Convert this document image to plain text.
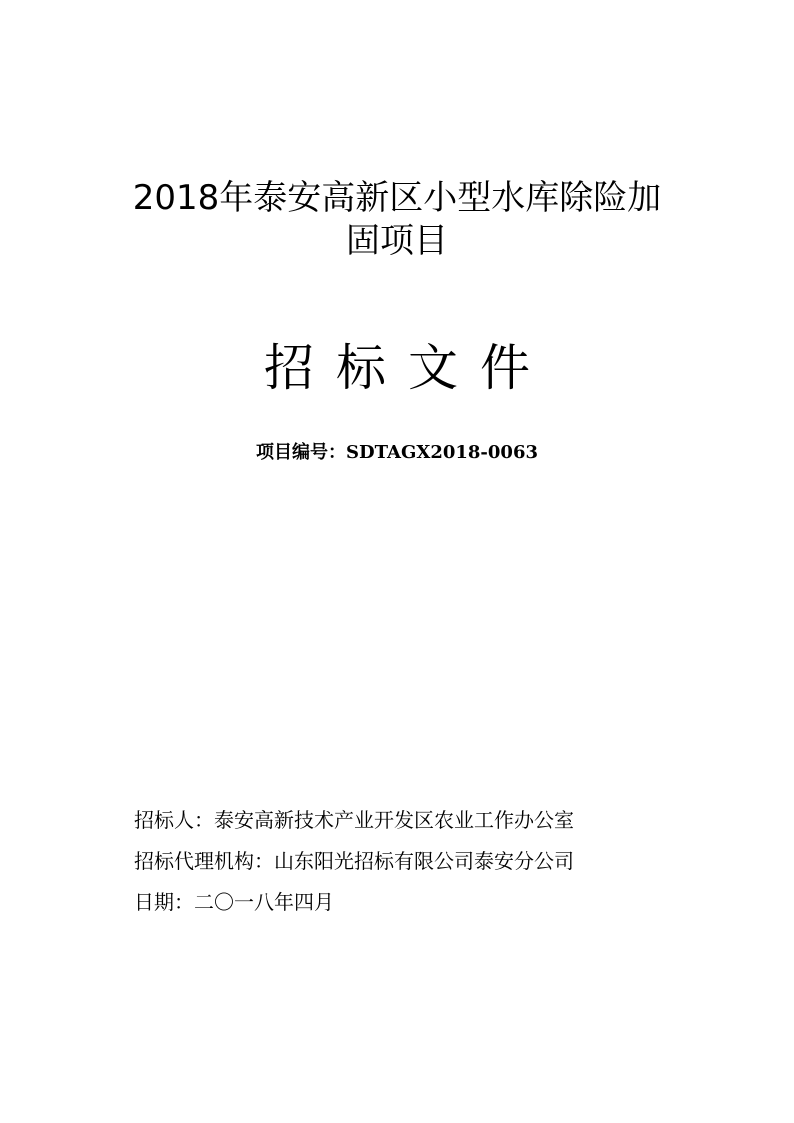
2018年泰安高新区小型水库除险加
固项目
招标文件
项目编号：SDTAGX2018-0063
招标人：泰安高新技术产业开发区农业工作办公室
招标代理机构：山东阳光招标有限公司泰安分公司
日期：二〇一八年四月
